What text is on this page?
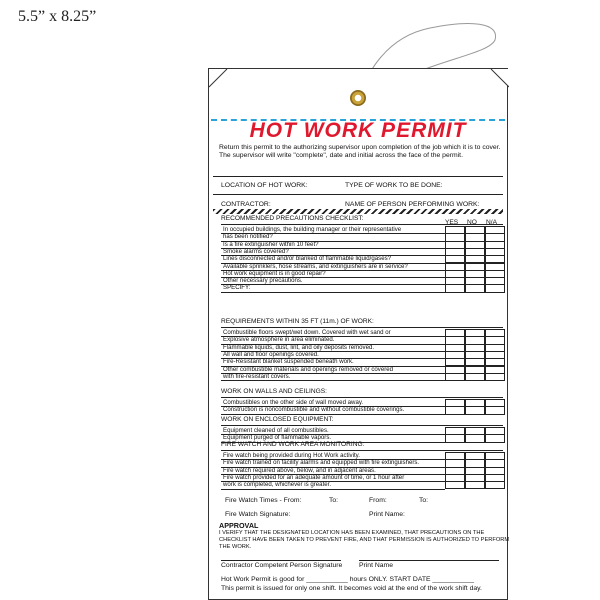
5.5” x 8.25”
HOT WORK PERMIT
Return this permit to the authorizing supervisor upon completion of the job which it is to cover.
The supervisor will write "complete", date and initial across the face of the permit.
LOCATION OF HOT WORK:	TYPE OF WORK TO BE DONE:
CONTRACTOR:	NAME OF PERSON PERFORMING WORK:
YES NO N/A
RECOMMENDED PRECAUTIONS CHECKLIST:
In occupied buildings, the building manager or their representative
has been notified?
Is a fire extinguisher within 10 feet?
Smoke alarms covered?
Lines disconnected and/or blanked of flammable liquid/gases?
Available sprinklers, hose streams, and extinguishers are in service?
Hot work equipment is in good repair?
Other necessary precautions.
SPECIFY:
REQUIREMENTS WITHIN 35 FT (11m.) OF WORK:
Combustible floors swept/wet down. Covered with wet sand or
Explosive atmosphere in area eliminated.
Flammable liquids, dust, lint, and oily deposits removed.
All wall and floor openings covered.
Fire-Resistant blanket suspended beneath work.
Other combustible materials and openings removed or covered
with fire-resistant covers.
WORK ON WALLS AND CEILINGS:
Combustibles on the other side of wall moved away.
Construction is noncombustible and without combustible coverings.
WORK ON ENCLOSED EQUIPMENT:
Equipment cleaned of all combustibles.
Equipment purged of flammable vapors.
FIRE WATCH AND WORK AREA MONITORING:
Fire watch being provided during Hot Work activity.
Fire watch trained on facility alarms and equipped with fire extinguishers.
Fire watch required above, below, and in adjacent areas.
Fire watch provided for an adequate amount of time, or 1 hour after
work is completed, whichever is greater.
Fire Watch Times - From:	To:	From:	To:
Fire Watch Signature:	Print Name:
APPROVAL
I VERIFY THAT THE DESIGNATED LOCATION HAS BEEN EXAMINED, THAT PRECAUTIONS ON THE
CHECKLIST HAVE BEEN TAKEN TO PREVENT FIRE, AND THAT PERMISSION IS AUTHORIZED TO PERFORM
THE WORK.
Contractor Competent Person Signature Print Name
Hot Work Permit is good for ___________ hours ONLY. START DATE ___________
This permit is issued for only one shift. It becomes void at the end of the work shift day.
